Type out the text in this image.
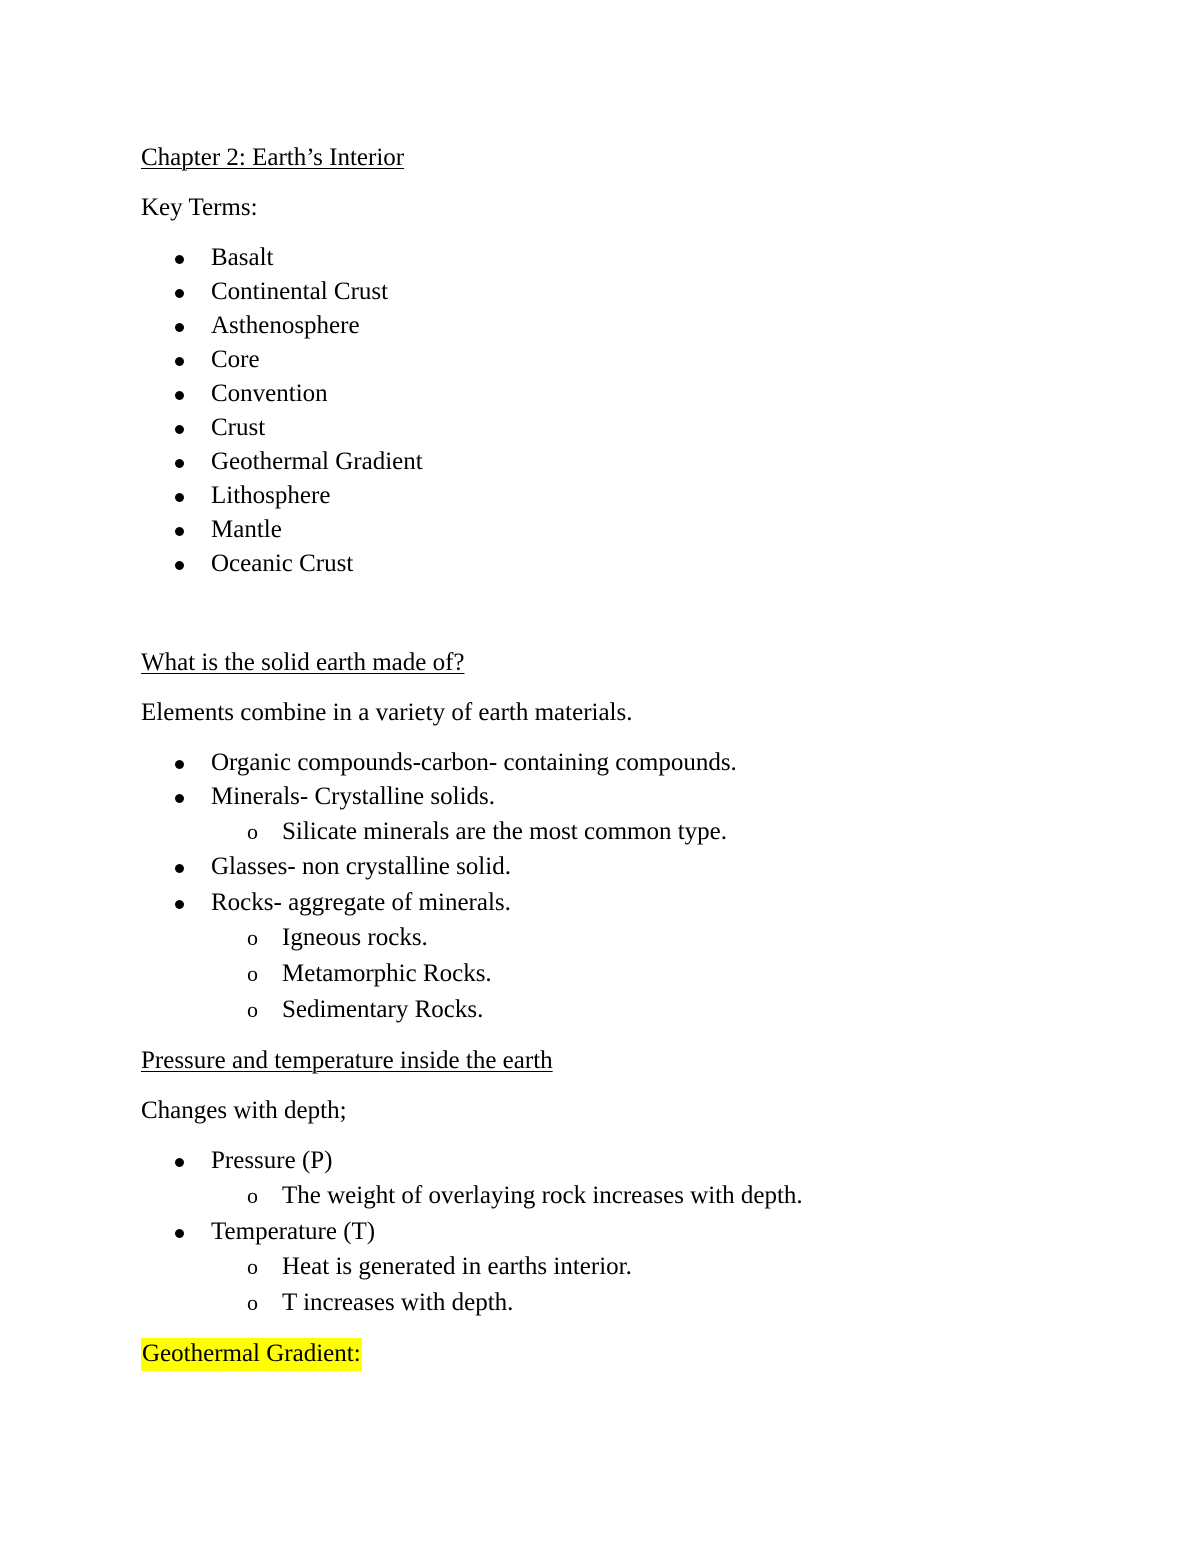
Chapter 2: Earth’s Interior

Key Terms:

Basalt
Continental Crust
Asthenosphere
Core
Convention
Crust
Geothermal Gradient
Lithosphere
Mantle
Oceanic Crust

What is the solid earth made of?

Elements combine in a variety of earth materials.

Organic compounds-carbon- containing compounds.
Minerals- Crystalline solids.
o Silicate minerals are the most common type.
Glasses- non crystalline solid.
Rocks- aggregate of minerals.
o Igneous rocks.
o Metamorphic Rocks.
o Sedimentary Rocks.

Pressure and temperature inside the earth

Changes with depth;

Pressure (P)
o The weight of overlaying rock increases with depth.
Temperature (T)
o Heat is generated in earths interior.
o T increases with depth.

Geothermal Gradient:
